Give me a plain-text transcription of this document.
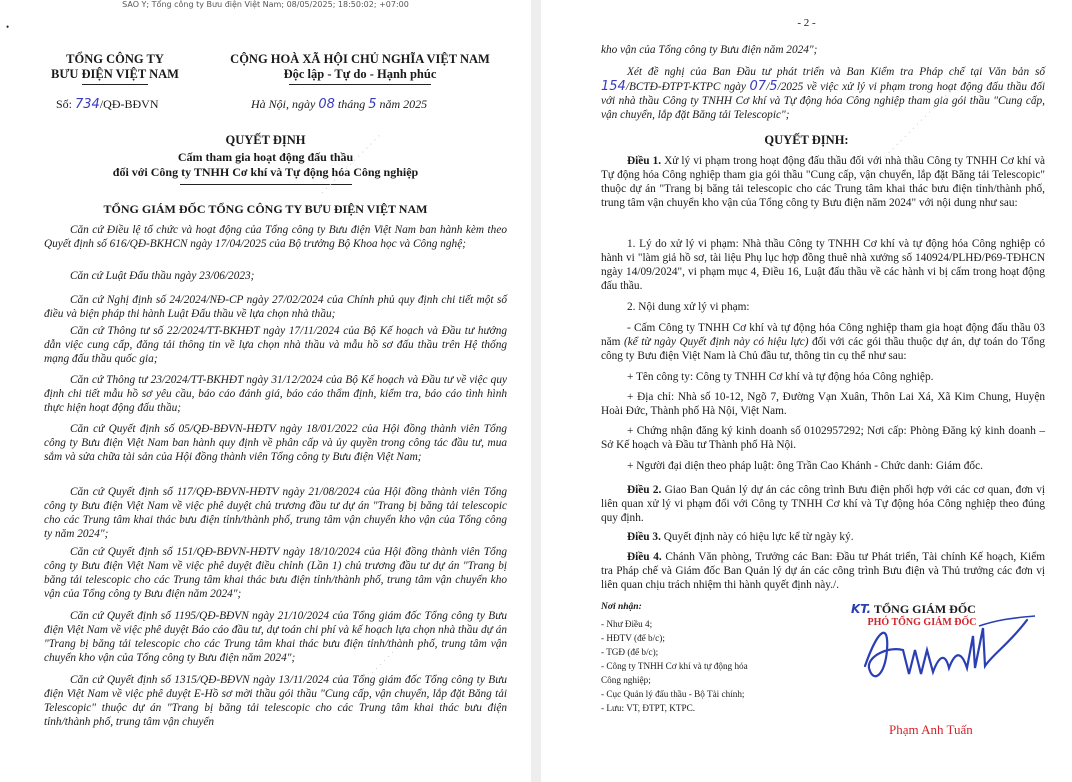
SAO Y; Tổng công ty Bưu điện Việt Nam; 08/05/2025; 18:50:02; +07:00
•
TỔNG CÔNG TY
BƯU ĐIỆN VIỆT NAM
CỘNG HOÀ XÃ HỘI CHỦ NGHĨA VIỆT NAM
Độc lập - Tự do - Hạnh phúc
Số: 734/QĐ-BĐVN	Hà Nội, ngày 08 tháng 5 năm 2025
QUYẾT ĐỊNH
Cấm tham gia hoạt động đấu thầu
đối với Công ty TNHH Cơ khí và Tự động hóa Công nghiệp
TỔNG GIÁM ĐỐC TỔNG CÔNG TY BƯU ĐIỆN VIỆT NAM
Căn cứ Điều lệ tổ chức và hoạt động của Tổng công ty Bưu điện Việt Nam ban hành kèm theo Quyết định số 616/QĐ-BKHCN ngày 17/04/2025 của Bộ trưởng Bộ Khoa học và Công nghệ;
Căn cứ Luật Đấu thầu ngày 23/06/2023;
Căn cứ Nghị định số 24/2024/NĐ-CP ngày 27/02/2024 của Chính phủ quy định chi tiết một số điều và biện pháp thi hành Luật Đấu thầu về lựa chọn nhà thầu;
Căn cứ Thông tư số 22/2024/TT-BKHĐT ngày 17/11/2024 của Bộ Kế hoạch và Đầu tư hướng dẫn việc cung cấp, đăng tải thông tin về lựa chọn nhà thầu và mẫu hồ sơ đấu thầu trên Hệ thống mạng đấu thầu quốc gia;
Căn cứ Thông tư 23/2024/TT-BKHĐT ngày 31/12/2024 của Bộ Kế hoạch và Đầu tư về việc quy định chi tiết mẫu hồ sơ yêu cầu, báo cáo đánh giá, báo cáo thẩm định, kiểm tra, báo cáo tình hình thực hiện hoạt động đấu thầu;
Căn cứ Quyết định số 05/QĐ-BĐVN-HĐTV ngày 18/01/2022 của Hội đồng thành viên Tổng công ty Bưu điện Việt Nam ban hành quy định về phân cấp và ủy quyền trong công tác đầu tư, mua sắm và sửa chữa tài sản của Hội đồng thành viên Tổng công ty Bưu điện Việt Nam;
Căn cứ Quyết định số 117/QĐ-BĐVN-HĐTV ngày 21/08/2024 của Hội đồng thành viên Tổng công ty Bưu điện Việt Nam về việc phê duyệt chủ trương đầu tư dự án "Trang bị băng tải telescopic cho các Trung tâm khai thác bưu điện tỉnh/thành phố, trung tâm vận chuyển kho vận của Tổng công ty năm 2024";
Căn cứ Quyết định số 151/QĐ-BĐVN-HĐTV ngày 18/10/2024 của Hội đồng thành viên Tổng công ty Bưu điện Việt Nam về việc phê duyệt điều chỉnh (Lần 1) chủ trương đầu tư dự án "Trang bị băng tải telescopic cho các Trung tâm khai thác bưu điện tỉnh/thành phố, trung tâm vận chuyển kho vận của Tổng công ty Bưu điện năm 2024";
Căn cứ Quyết định số 1195/QĐ-BĐVN ngày 21/10/2024 của Tổng giám đốc Tổng công ty Bưu điện Việt Nam về việc phê duyệt Báo cáo đầu tư, dự toán chi phí và kế hoạch lựa chọn nhà thầu dự án "Trang bị băng tải telescopic cho các Trung tâm khai thác bưu điện tỉnh/thành phố, trung tâm vận chuyển kho vận của Tổng công ty Bưu điện năm 2024";
Căn cứ Quyết định số 1315/QĐ-BĐVN ngày 13/11/2024 của Tổng giám đốc Tổng công ty Bưu điện Việt Nam về việc phê duyệt E-Hồ sơ mời thầu gói thầu "Cung cấp, vận chuyển, lắp đặt Băng tải Telescopic" thuộc dự án "Trang bị băng tải telescopic cho các Trung tâm khai thác bưu điện tỉnh/thành phố, trung tâm vận chuyển
· · · · · · · · · · · · · · ·
· · · · · · · · · · · · · · ·
- 2 -
kho vận của Tổng công ty Bưu điện năm 2024";
Xét đề nghị của Ban Đầu tư phát triển và Ban Kiểm tra Pháp chế tại Văn bản số 154/BCTĐ-ĐTPT-KTPC ngày 07/5/2025 về việc xử lý vi phạm trong hoạt động đấu thầu đối với nhà thầu Công ty TNHH Cơ khí và Tự động hóa Công nghiệp tham gia gói thầu "Cung cấp, vận chuyển, lắp đặt Băng tải Telescopic";
QUYẾT ĐỊNH:
Điều 1. Xử lý vi phạm trong hoạt động đấu thầu đối với nhà thầu Công ty TNHH Cơ khí và Tự động hóa Công nghiệp tham gia gói thầu "Cung cấp, vận chuyển, lắp đặt Băng tải Telescopic" thuộc dự án "Trang bị băng tải telescopic cho các Trung tâm khai thác bưu điện tỉnh/thành phố, trung tâm vận chuyển kho vận của Tổng công ty Bưu điện năm 2024" với nội dung như sau:
1. Lý do xử lý vi phạm: Nhà thầu Công ty TNHH Cơ khí và tự động hóa Công nghiệp có hành vi "làm giả hồ sơ, tài liệu Phụ lục hợp đồng thuê nhà xưởng số 140924/PLHĐ/P69-TĐHCN ngày 14/09/2024", vi phạm mục 4, Điều 16, Luật đấu thầu về các hành vi bị cấm trong hoạt động đấu thầu.
2. Nội dung xử lý vi phạm:
- Cấm Công ty TNHH Cơ khí và tự động hóa Công nghiệp tham gia hoạt động đấu thầu 03 năm (kể từ ngày Quyết định này có hiệu lực) đối với các gói thầu thuộc dự án, dự toán do Tổng công ty Bưu điện Việt Nam là Chủ đầu tư, thông tin cụ thể như sau:
+ Tên công ty: Công ty TNHH Cơ khí và tự động hóa Công nghiệp.
+ Địa chỉ: Nhà số 10-12, Ngõ 7, Đường Vạn Xuân, Thôn Lai Xá, Xã Kim Chung, Huyện Hoài Đức, Thành phố Hà Nội, Việt Nam.
+ Chứng nhận đăng ký kinh doanh số 0102957292; Nơi cấp: Phòng Đăng ký kinh doanh – Sở Kế hoạch và Đầu tư Thành phố Hà Nội.
+ Người đại diện theo pháp luật: ông Trần Cao Khánh - Chức danh: Giám đốc.
Điều 2. Giao Ban Quản lý dự án các công trình Bưu điện phối hợp với các cơ quan, đơn vị liên quan xử lý vi phạm đối với Công ty TNHH Cơ khí và Tự động hóa Công nghiệp theo đúng quy định.
Điều 3. Quyết định này có hiệu lực kể từ ngày ký.
Điều 4. Chánh Văn phòng, Trưởng các Ban: Đầu tư Phát triển, Tài chính Kế hoạch, Kiểm tra Pháp chế và Giám đốc Ban Quản lý dự án các công trình Bưu điện và Thủ trưởng các đơn vị liên quan chịu trách nhiệm thi hành quyết định này./.
Nơi nhận:
- Như Điều 4;
- HĐTV (để b/c);
- TGĐ (để b/c);
- Công ty TNHH Cơ khí và tự động hóa
Công nghiệp;
- Cục Quản lý đấu thầu - Bộ Tài chính;
- Lưu: VT, ĐTPT, KTPC.
KT. TỔNG GIÁM ĐỐC
PHÓ TỔNG GIÁM ĐỐC
Phạm Anh Tuấn
· · · · · · · · · · · · · · · · ·
